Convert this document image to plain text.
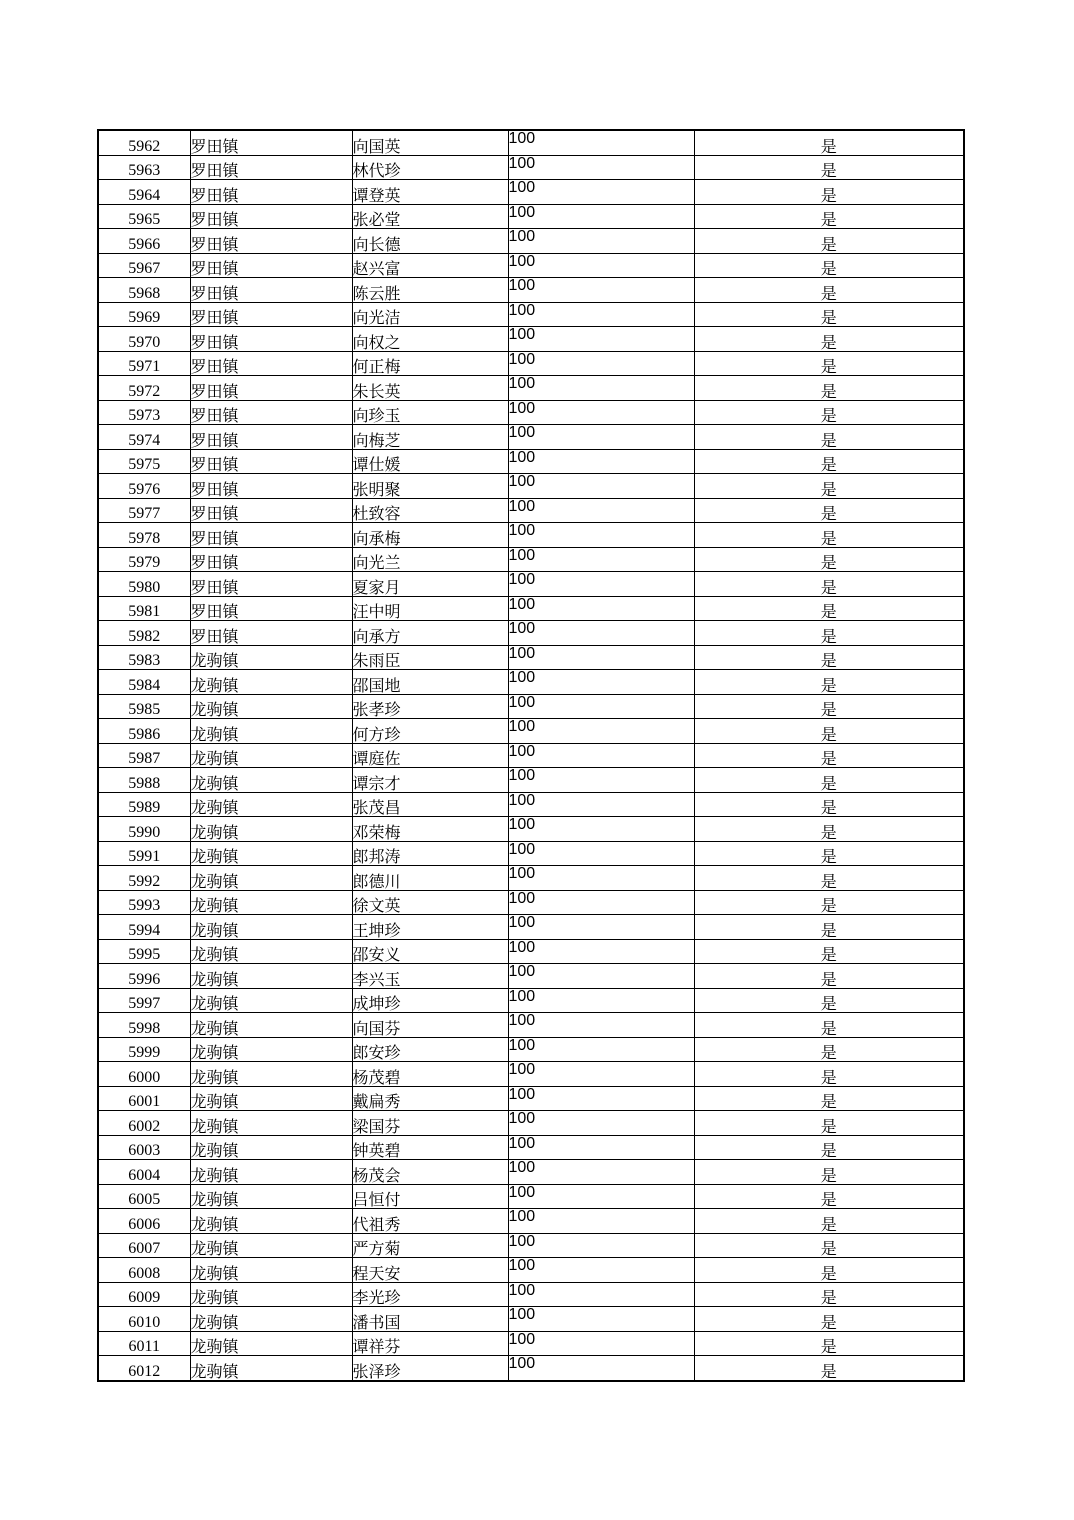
5962	罗田镇	向国英	100	是
5963	罗田镇	林代珍	100	是
5964	罗田镇	谭登英	100	是
5965	罗田镇	张必堂	100	是
5966	罗田镇	向长德	100	是
5967	罗田镇	赵兴富	100	是
5968	罗田镇	陈云胜	100	是
5969	罗田镇	向光洁	100	是
5970	罗田镇	向权之	100	是
5971	罗田镇	何正梅	100	是
5972	罗田镇	朱长英	100	是
5973	罗田镇	向珍玉	100	是
5974	罗田镇	向梅芝	100	是
5975	罗田镇	谭仕媛	100	是
5976	罗田镇	张明聚	100	是
5977	罗田镇	杜致容	100	是
5978	罗田镇	向承梅	100	是
5979	罗田镇	向光兰	100	是
5980	罗田镇	夏家月	100	是
5981	罗田镇	汪中明	100	是
5982	罗田镇	向承方	100	是
5983	龙驹镇	朱雨臣	100	是
5984	龙驹镇	邵国地	100	是
5985	龙驹镇	张孝珍	100	是
5986	龙驹镇	何方珍	100	是
5987	龙驹镇	谭庭佐	100	是
5988	龙驹镇	谭宗才	100	是
5989	龙驹镇	张茂昌	100	是
5990	龙驹镇	邓荣梅	100	是
5991	龙驹镇	郎邦涛	100	是
5992	龙驹镇	郎德川	100	是
5993	龙驹镇	徐文英	100	是
5994	龙驹镇	王坤珍	100	是
5995	龙驹镇	邵安义	100	是
5996	龙驹镇	李兴玉	100	是
5997	龙驹镇	成坤珍	100	是
5998	龙驹镇	向国芬	100	是
5999	龙驹镇	郎安珍	100	是
6000	龙驹镇	杨茂碧	100	是
6001	龙驹镇	戴扁秀	100	是
6002	龙驹镇	梁国芬	100	是
6003	龙驹镇	钟英碧	100	是
6004	龙驹镇	杨茂会	100	是
6005	龙驹镇	吕恒付	100	是
6006	龙驹镇	代祖秀	100	是
6007	龙驹镇	严方菊	100	是
6008	龙驹镇	程天安	100	是
6009	龙驹镇	李光珍	100	是
6010	龙驹镇	潘书国	100	是
6011	龙驹镇	谭祥芬	100	是
6012	龙驹镇	张泽珍	100	是
